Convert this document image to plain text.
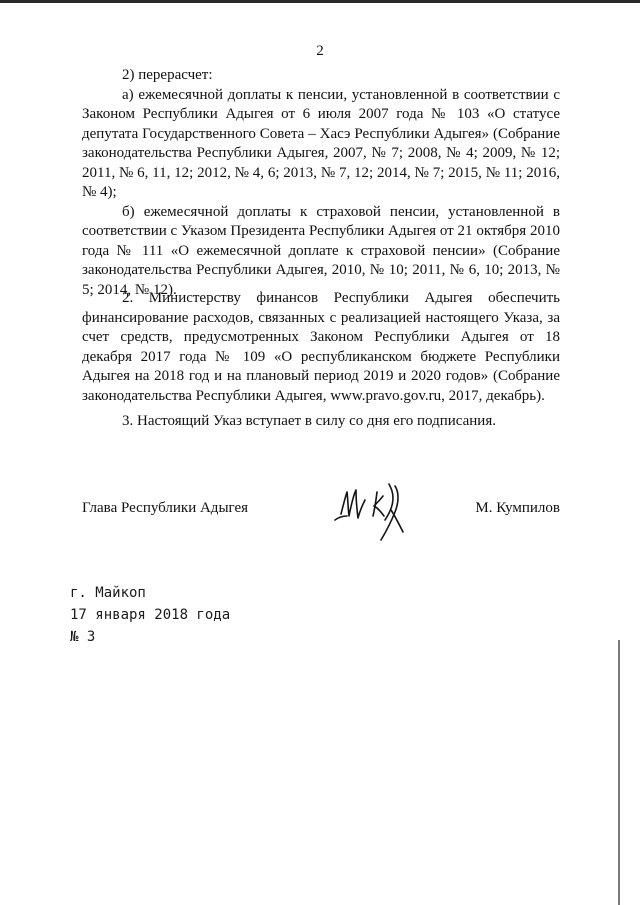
2

2) перерасчет:

а) ежемесячной доплаты к пенсии, установленной в соответствии с Законом Республики Адыгея от 6 июля 2007 года № 103 «О статусе депутата Государственного Совета – Хасэ Республики Адыгея» (Собрание законодательства Республики Адыгея, 2007, № 7; 2008, № 4; 2009, № 12; 2011, № 6, 11, 12; 2012, № 4, 6; 2013, № 7, 12; 2014, № 7; 2015, № 11; 2016, № 4);

б) ежемесячной доплаты к страховой пенсии, установленной в соответствии с Указом Президента Республики Адыгея от 21 октября 2010 года № 111 «О ежемесячной доплате к страховой пенсии» (Собрание законодательства Республики Адыгея, 2010, № 10; 2011, № 6, 10; 2013, № 5; 2014, № 12).

2. Министерству финансов Республики Адыгея обеспечить финансирование расходов, связанных с реализацией настоящего Указа, за счет средств, предусмотренных Законом Республики Адыгея от 18 декабря 2017 года № 109 «О республиканском бюджете Республики Адыгея на 2018 год и на плановый период 2019 и 2020 годов» (Собрание законодательства Республики Адыгея, www.pravo.gov.ru, 2017, декабрь).

3. Настоящий Указ вступает в силу со дня его подписания.

Глава Республики Адыгея	М. Кумпилов
г. Майкоп
17 января 2018 года
№ 3
